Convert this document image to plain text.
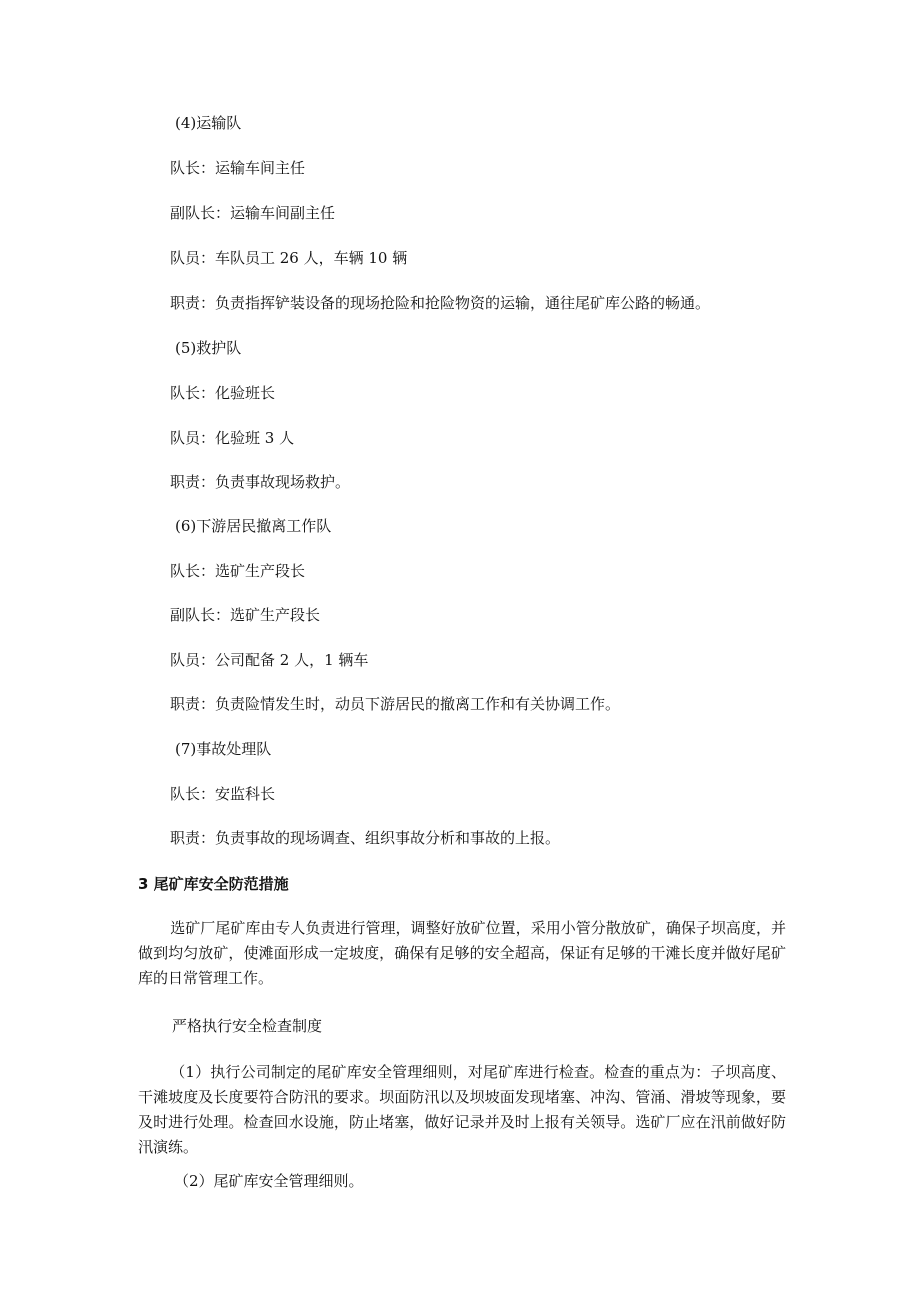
(4)运输队
队长：运输车间主任
副队长：运输车间副主任
队员：车队员工 26 人，车辆 10 辆
职责：负责指挥铲装设备的现场抢险和抢险物资的运输，通往尾矿库公路的畅通。
(5)救护队
队长：化验班长
队员：化验班 3 人
职责：负责事故现场救护。
(6)下游居民撤离工作队
队长：选矿生产段长
副队长：选矿生产段长
队员：公司配备 2 人，1 辆车
职责：负责险情发生时，动员下游居民的撤离工作和有关协调工作。
(7)事故处理队
队长：安监科长
职责：负责事故的现场调查、组织事故分析和事故的上报。
3 尾矿库安全防范措施
选矿厂尾矿库由专人负责进行管理，调整好放矿位置，采用小管分散放矿，确保子坝高度，并做到均匀放矿，使滩面形成一定坡度，确保有足够的安全超高，保证有足够的干滩长度并做好尾矿库的日常管理工作。
严格执行安全检查制度
（1）执行公司制定的尾矿库安全管理细则，对尾矿库进行检查。检查的重点为：子坝高度、干滩坡度及长度要符合防汛的要求。坝面防汛以及坝坡面发现堵塞、冲沟、管涌、滑坡等现象，要及时进行处理。检查回水设施，防止堵塞，做好记录并及时上报有关领导。选矿厂应在汛前做好防汛演练。
（2）尾矿库安全管理细则。
